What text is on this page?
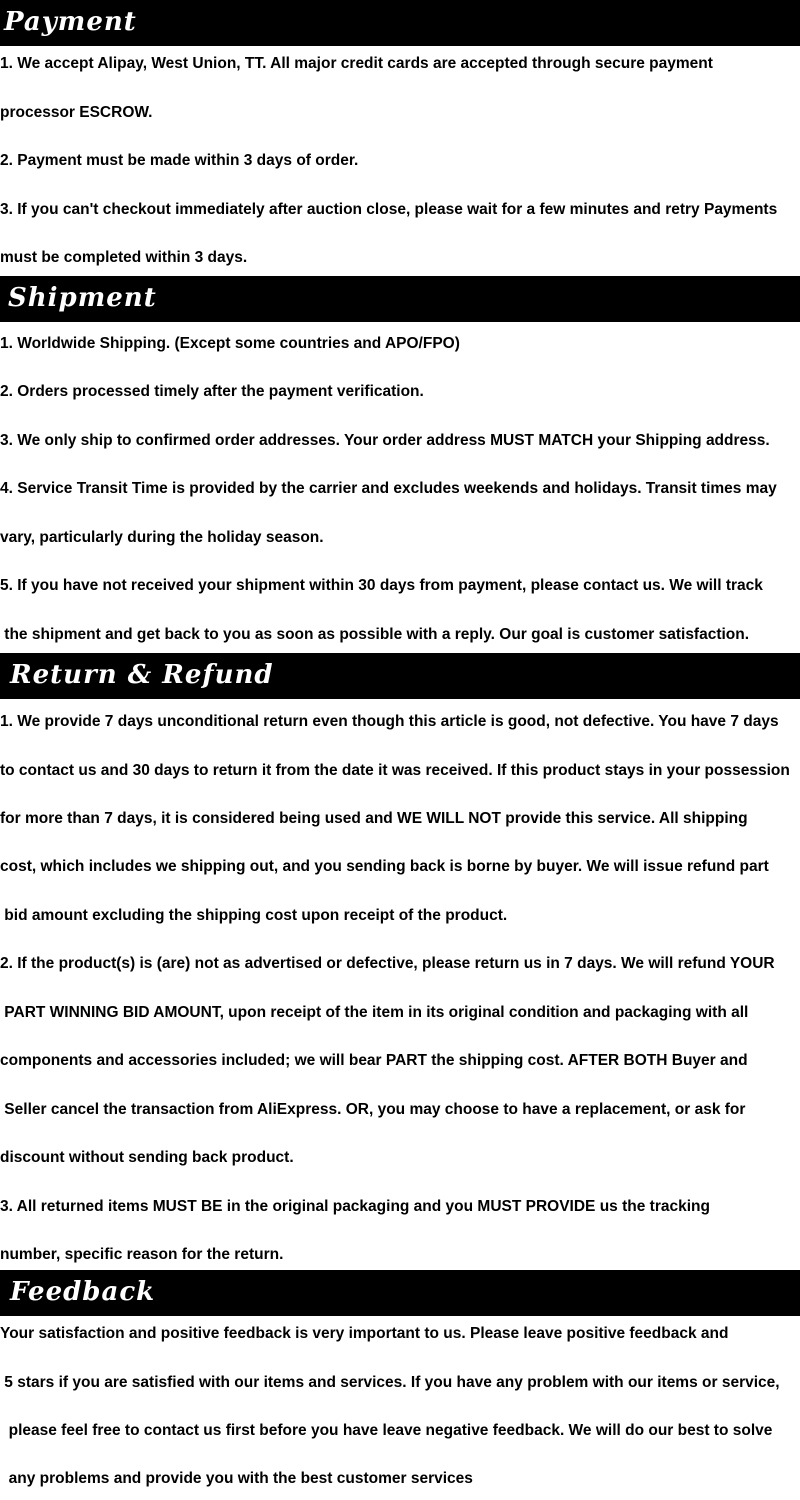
Payment
1. We accept Alipay, West Union, TT. All major credit cards are accepted through secure payment
processor ESCROW.
2. Payment must be made within 3 days of order.
3. If you can't checkout immediately after auction close, please wait for a few minutes and retry Payments
must be completed within 3 days.
Shipment
1. Worldwide Shipping. (Except some countries and APO/FPO)
2. Orders processed timely after the payment verification.
3. We only ship to confirmed order addresses. Your order address MUST MATCH your Shipping address.
4. Service Transit Time is provided by the carrier and excludes weekends and holidays. Transit times may
vary, particularly during the holiday season.
5. If you have not received your shipment within 30 days from payment, please contact us. We will track
the shipment and get back to you as soon as possible with a reply. Our goal is customer satisfaction.
Return & Refund
1. We provide 7 days unconditional return even though this article is good, not defective. You have 7 days
to contact us and 30 days to return it from the date it was received. If this product stays in your possession
for more than 7 days, it is considered being used and WE WILL NOT provide this service. All shipping
cost, which includes we shipping out, and you sending back is borne by buyer. We will issue refund part
bid amount excluding the shipping cost upon receipt of the product.
2. If the product(s) is (are) not as advertised or defective, please return us in 7 days. We will refund YOUR
PART WINNING BID AMOUNT, upon receipt of the item in its original condition and packaging with all
components and accessories included; we will bear PART the shipping cost. AFTER BOTH Buyer and
Seller cancel the transaction from AliExpress. OR, you may choose to have a replacement, or ask for
discount without sending back product.
3. All returned items MUST BE in the original packaging and you MUST PROVIDE us the tracking
number, specific reason for the return.
Feedback
Your satisfaction and positive feedback is very important to us. Please leave positive feedback and
5 stars if you are satisfied with our items and services. If you have any problem with our items or service,
please feel free to contact us first before you have leave negative feedback. We will do our best to solve
any problems and provide you with the best customer services
